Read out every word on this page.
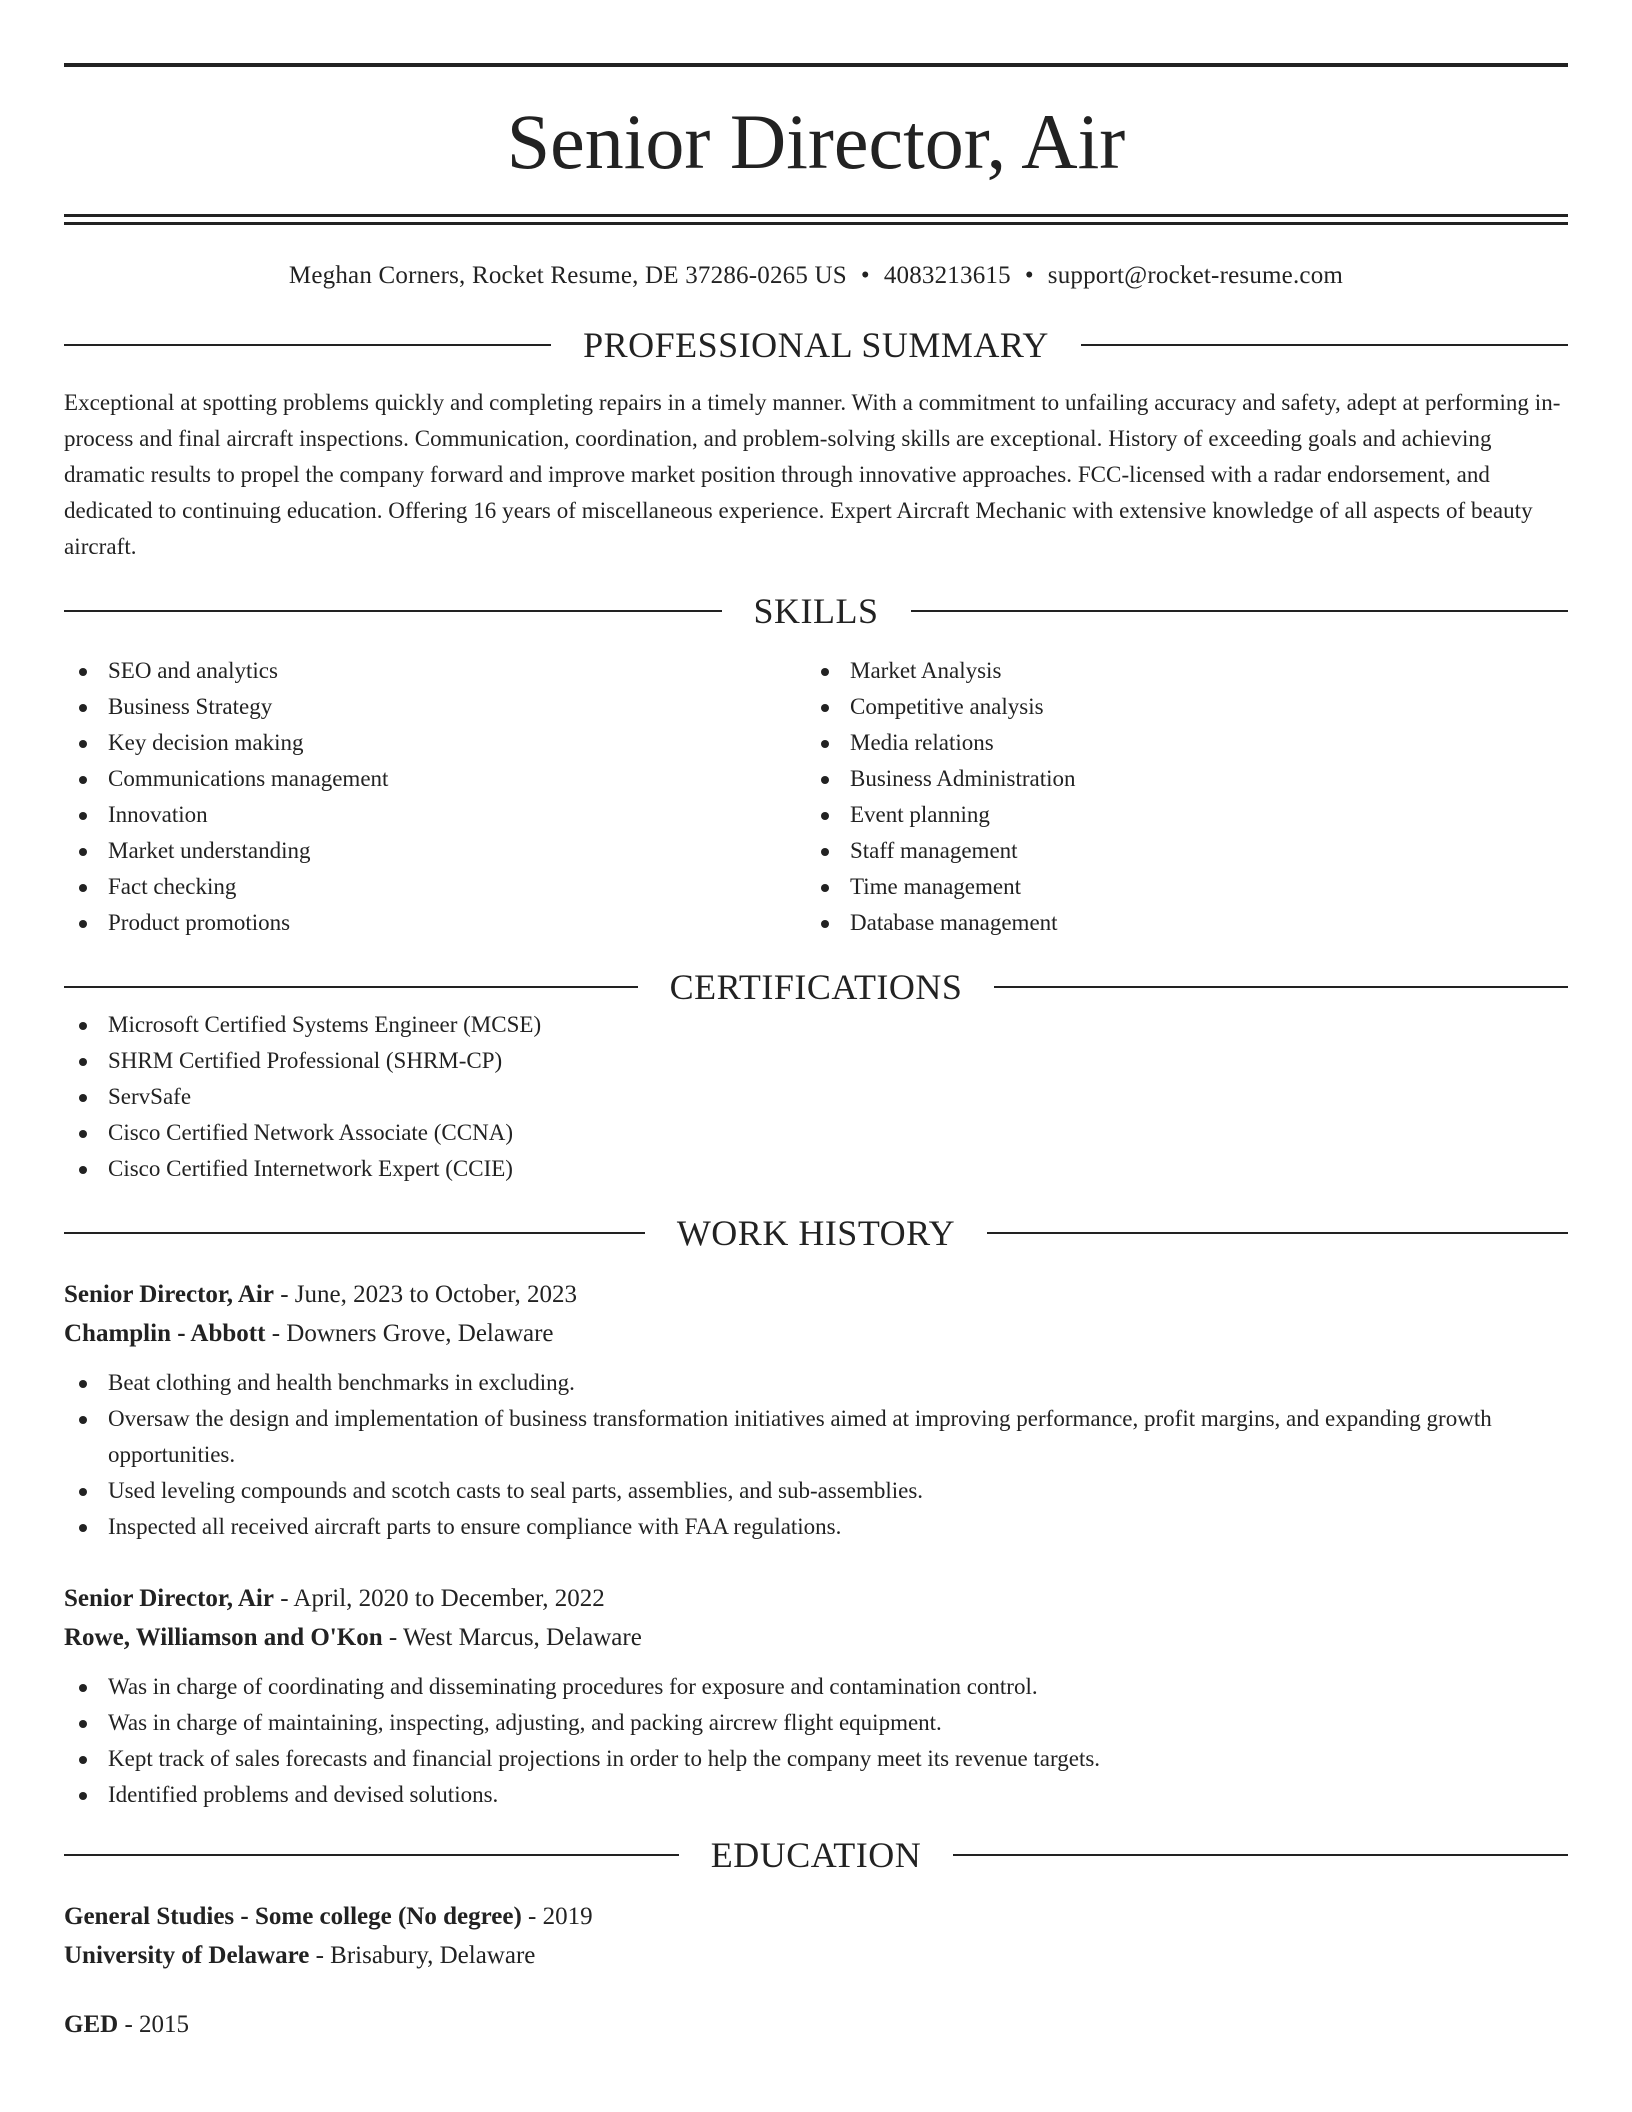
Senior Director, Air
Meghan Corners, Rocket Resume, DE 37286-0265 US • 4083213615 • support@rocket-resume.com
PROFESSIONAL SUMMARY
Exceptional at spotting problems quickly and completing repairs in a timely manner. With a commitment to unfailing accuracy and safety, adept at performing in-process and final aircraft inspections. Communication, coordination, and problem-solving skills are exceptional. History of exceeding goals and achieving dramatic results to propel the company forward and improve market position through innovative approaches. FCC-licensed with a radar endorsement, and dedicated to continuing education. Offering 16 years of miscellaneous experience. Expert Aircraft Mechanic with extensive knowledge of all aspects of beauty aircraft.
SKILLS
SEO and analytics
Business Strategy
Key decision making
Communications management
Innovation
Market understanding
Fact checking
Product promotions
Market Analysis
Competitive analysis
Media relations
Business Administration
Event planning
Staff management
Time management
Database management
CERTIFICATIONS
Microsoft Certified Systems Engineer (MCSE)
SHRM Certified Professional (SHRM-CP)
ServSafe
Cisco Certified Network Associate (CCNA)
Cisco Certified Internetwork Expert (CCIE)
WORK HISTORY
Senior Director, Air - June, 2023 to October, 2023
Champlin - Abbott - Downers Grove, Delaware
Beat clothing and health benchmarks in excluding.
Oversaw the design and implementation of business transformation initiatives aimed at improving performance, profit margins, and expanding growth opportunities.
Used leveling compounds and scotch casts to seal parts, assemblies, and sub-assemblies.
Inspected all received aircraft parts to ensure compliance with FAA regulations.
Senior Director, Air - April, 2020 to December, 2022
Rowe, Williamson and O'Kon - West Marcus, Delaware
Was in charge of coordinating and disseminating procedures for exposure and contamination control.
Was in charge of maintaining, inspecting, adjusting, and packing aircrew flight equipment.
Kept track of sales forecasts and financial projections in order to help the company meet its revenue targets.
Identified problems and devised solutions.
EDUCATION
General Studies - Some college (No degree) - 2019
University of Delaware - Brisabury, Delaware
GED - 2015
